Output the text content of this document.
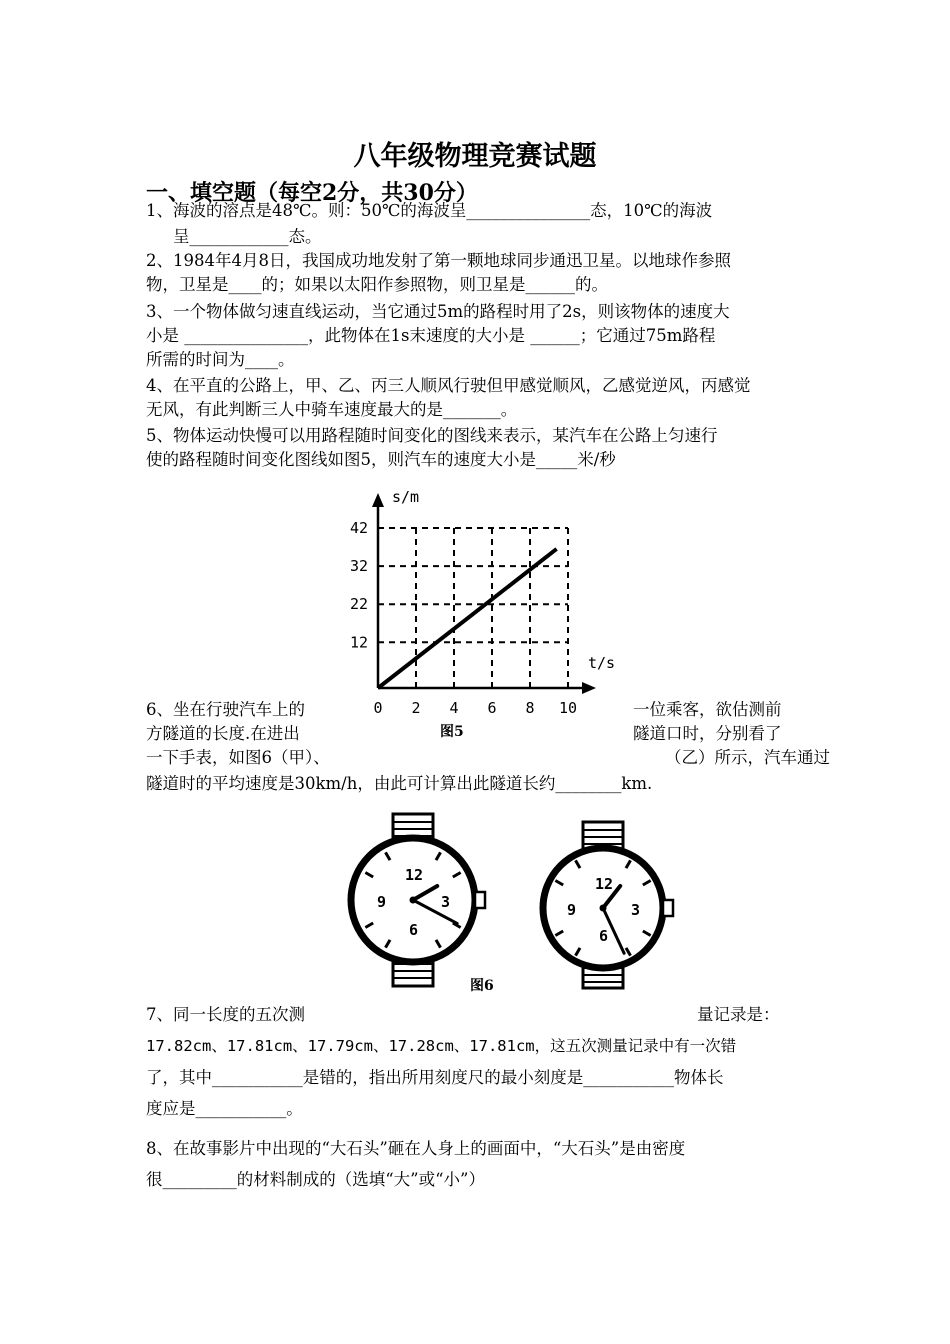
八年级物理竞赛试题
一、填空题（每空2分，共30分）
1、海波的溶点是48℃。则：50℃的海波呈_______________态，10℃的海波
呈____________态。
2、1984年4月8日，我国成功地发射了第一颗地球同步通迅卫星。以地球作参照
物，卫星是____的；如果以太阳作参照物，则卫星是______的。
3、一个物体做匀速直线运动，当它通过5m的路程时用了2s，则该物体的速度大
小是 _______________，此物体在1s末速度的大小是 ______；它通过75m路程
所需的时间为____。
4、在平直的公路上，甲、乙、丙三人顺风行驶但甲感觉顺风，乙感觉逆风，丙感觉
无风，有此判断三人中骑车速度最大的是_______。
5、物体运动快慢可以用路程随时间变化的图线来表示，某汽车在公路上匀速行
使的路程随时间变化图线如图5，则汽车的速度大小是_____米/秒
0 2 4 6 8 10
12
22
32
42
s/m
t/s
图5
6、坐在行驶汽车上的	一位乘客，欲估测前
方隧道的长度.在进出	隧道口时，分别看了
一下手表，如图6（甲）、	（乙）所示，汽车通过
隧道时的平均速度是30km/h，由此可计算出此隧道长约________km.
12
3
6
9
12
3
6
9
图6
7、同一长度的五次测	量记录是：
17.82cm、17.81cm、17.79cm、17.28cm、17.81cm，这五次测量记录中有一次错
了，其中___________是错的，指出所用刻度尺的最小刻度是___________物体长
度应是___________。
8、在故事影片中出现的“大石头”砸在人身上的画面中，“大石头”是由密度
很_________的材料制成的（选填“大”或“小”）
